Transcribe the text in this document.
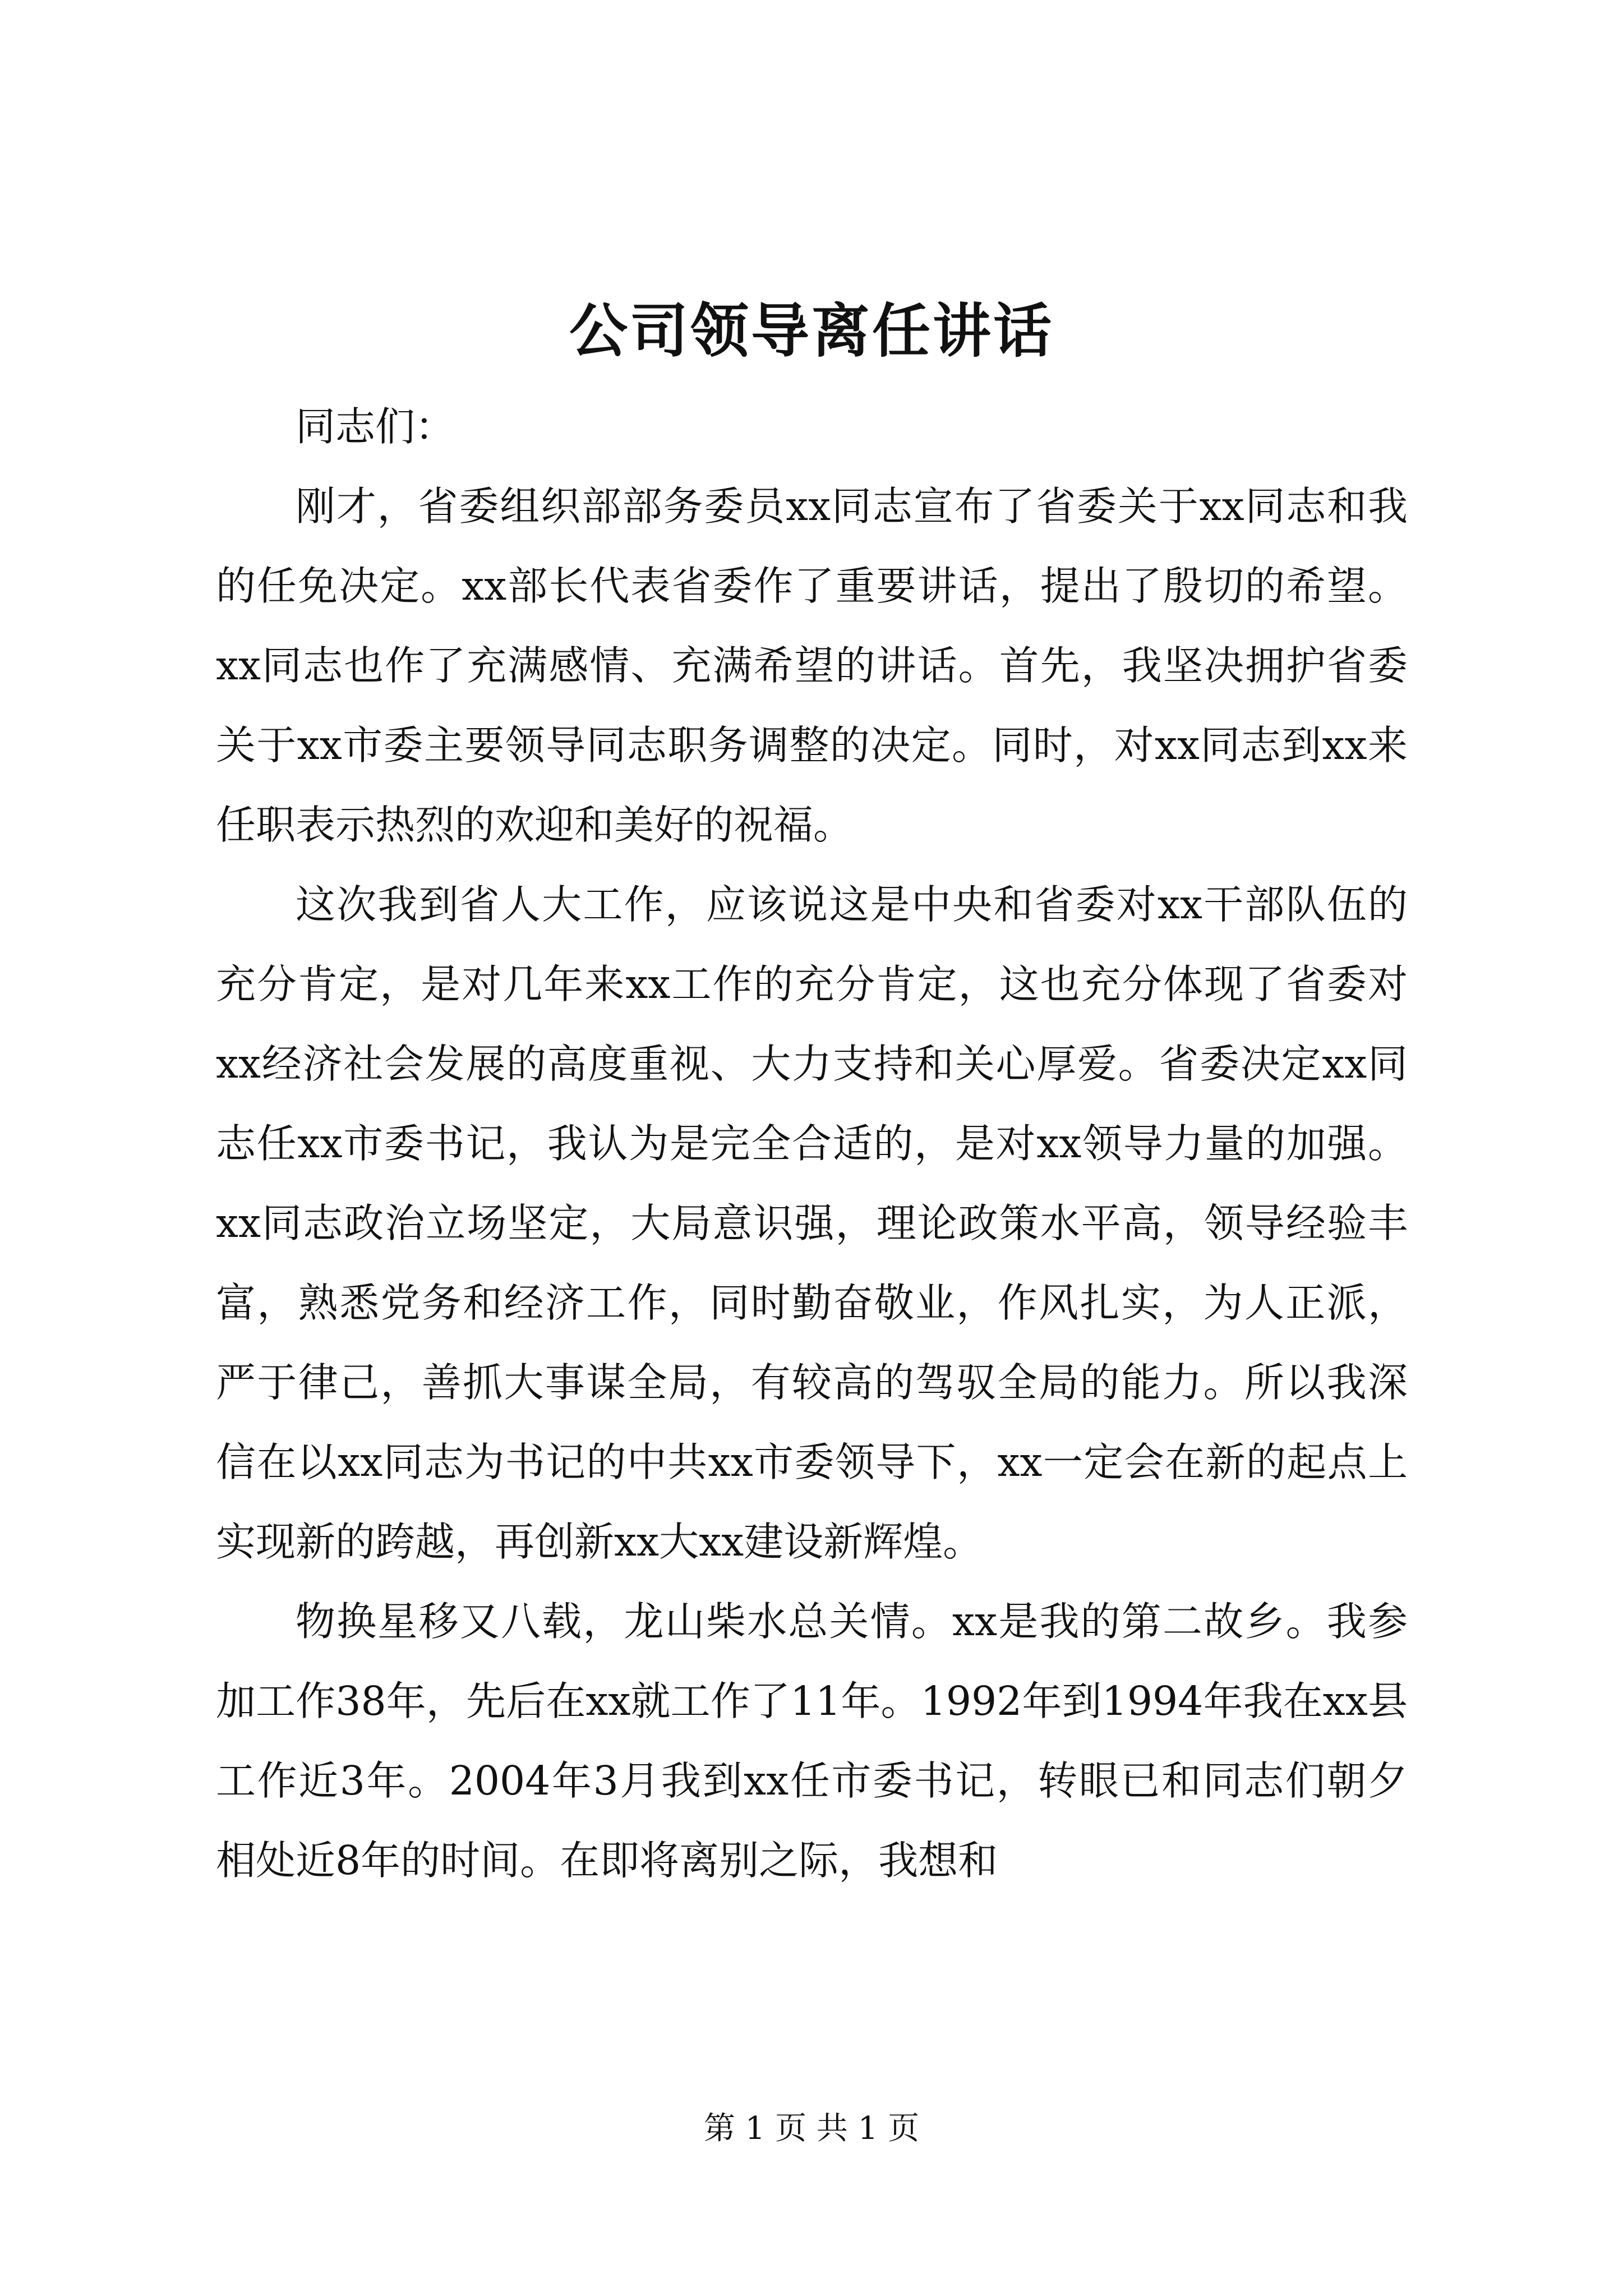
公司领导离任讲话

同志们：

刚才，省委组织部部务委员xx同志宣布了省委关于xx同志和我的任免决定。xx部长代表省委作了重要讲话，提出了殷切的希望。xx同志也作了充满感情、充满希望的讲话。首先，我坚决拥护省委关于xx市委主要领导同志职务调整的决定。同时，对xx同志到xx来任职表示热烈的欢迎和美好的祝福。

这次我到省人大工作，应该说这是中央和省委对xx干部队伍的充分肯定，是对几年来xx工作的充分肯定，这也充分体现了省委对xx经济社会发展的高度重视、大力支持和关心厚爱。省委决定xx同志任xx市委书记，我认为是完全合适的，是对xx领导力量的加强。xx同志政治立场坚定，大局意识强，理论政策水平高，领导经验丰富，熟悉党务和经济工作，同时勤奋敬业，作风扎实，为人正派，严于律己，善抓大事谋全局，有较高的驾驭全局的能力。所以我深信在以xx同志为书记的中共xx市委领导下，xx一定会在新的起点上实现新的跨越，再创新xx大xx建设新辉煌。

物换星移又八载，龙山柴水总关情。xx是我的第二故乡。我参加工作38年，先后在xx就工作了11年。1992年到1994年我在xx县工作近3年。2004年3月我到xx任市委书记，转眼已和同志们朝夕相处近8年的时间。在即将离别之际，我想和

第 1 页 共 1 页
